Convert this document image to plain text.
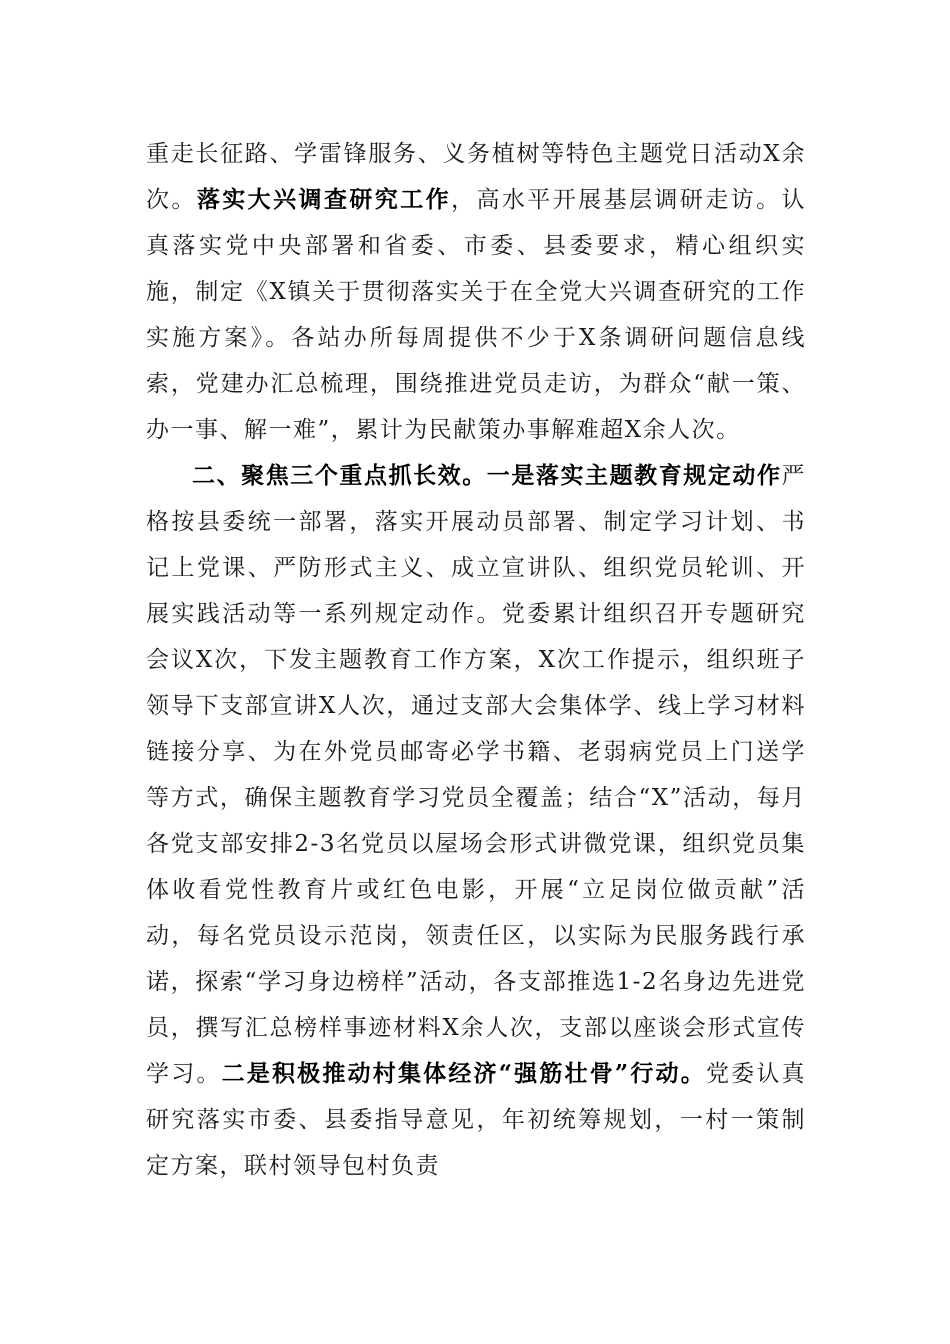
重走长征路、学雷锋服务、义务植树等特色主题党日活动X余次。落实大兴调查研究工作，高水平开展基层调研走访。认真落实党中央部署和省委、市委、县委要求，精心组织实施，制定《X镇关于贯彻落实关于在全党大兴调查研究的工作实施方案》。各站办所每周提供不少于X条调研问题信息线索，党建办汇总梳理，围绕推进党员走访，为群众“献一策、办一事、解一难”，累计为民献策办事解难超X余人次。

二、聚焦三个重点抓长效。一是落实主题教育规定动作严格按县委统一部署，落实开展动员部署、制定学习计划、书记上党课、严防形式主义、成立宣讲队、组织党员轮训、开展实践活动等一系列规定动作。党委累计组织召开专题研究会议X次，下发主题教育工作方案，X次工作提示，组织班子领导下支部宣讲X人次，通过支部大会集体学、线上学习材料链接分享、为在外党员邮寄必学书籍、老弱病党员上门送学等方式，确保主题教育学习党员全覆盖；结合“X”活动，每月各党支部安排2-3名党员以屋场会形式讲微党课，组织党员集体收看党性教育片或红色电影，开展“立足岗位做贡献”活动，每名党员设示范岗，领责任区，以实际为民服务践行承诺，探索“学习身边榜样”活动，各支部推选1-2名身边先进党员，撰写汇总榜样事迹材料X余人次，支部以座谈会形式宣传学习。二是积极推动村集体经济“强筋壮骨”行动。党委认真研究落实市委、县委指导意见，年初统筹规划，一村一策制定方案，联村领导包村负责
